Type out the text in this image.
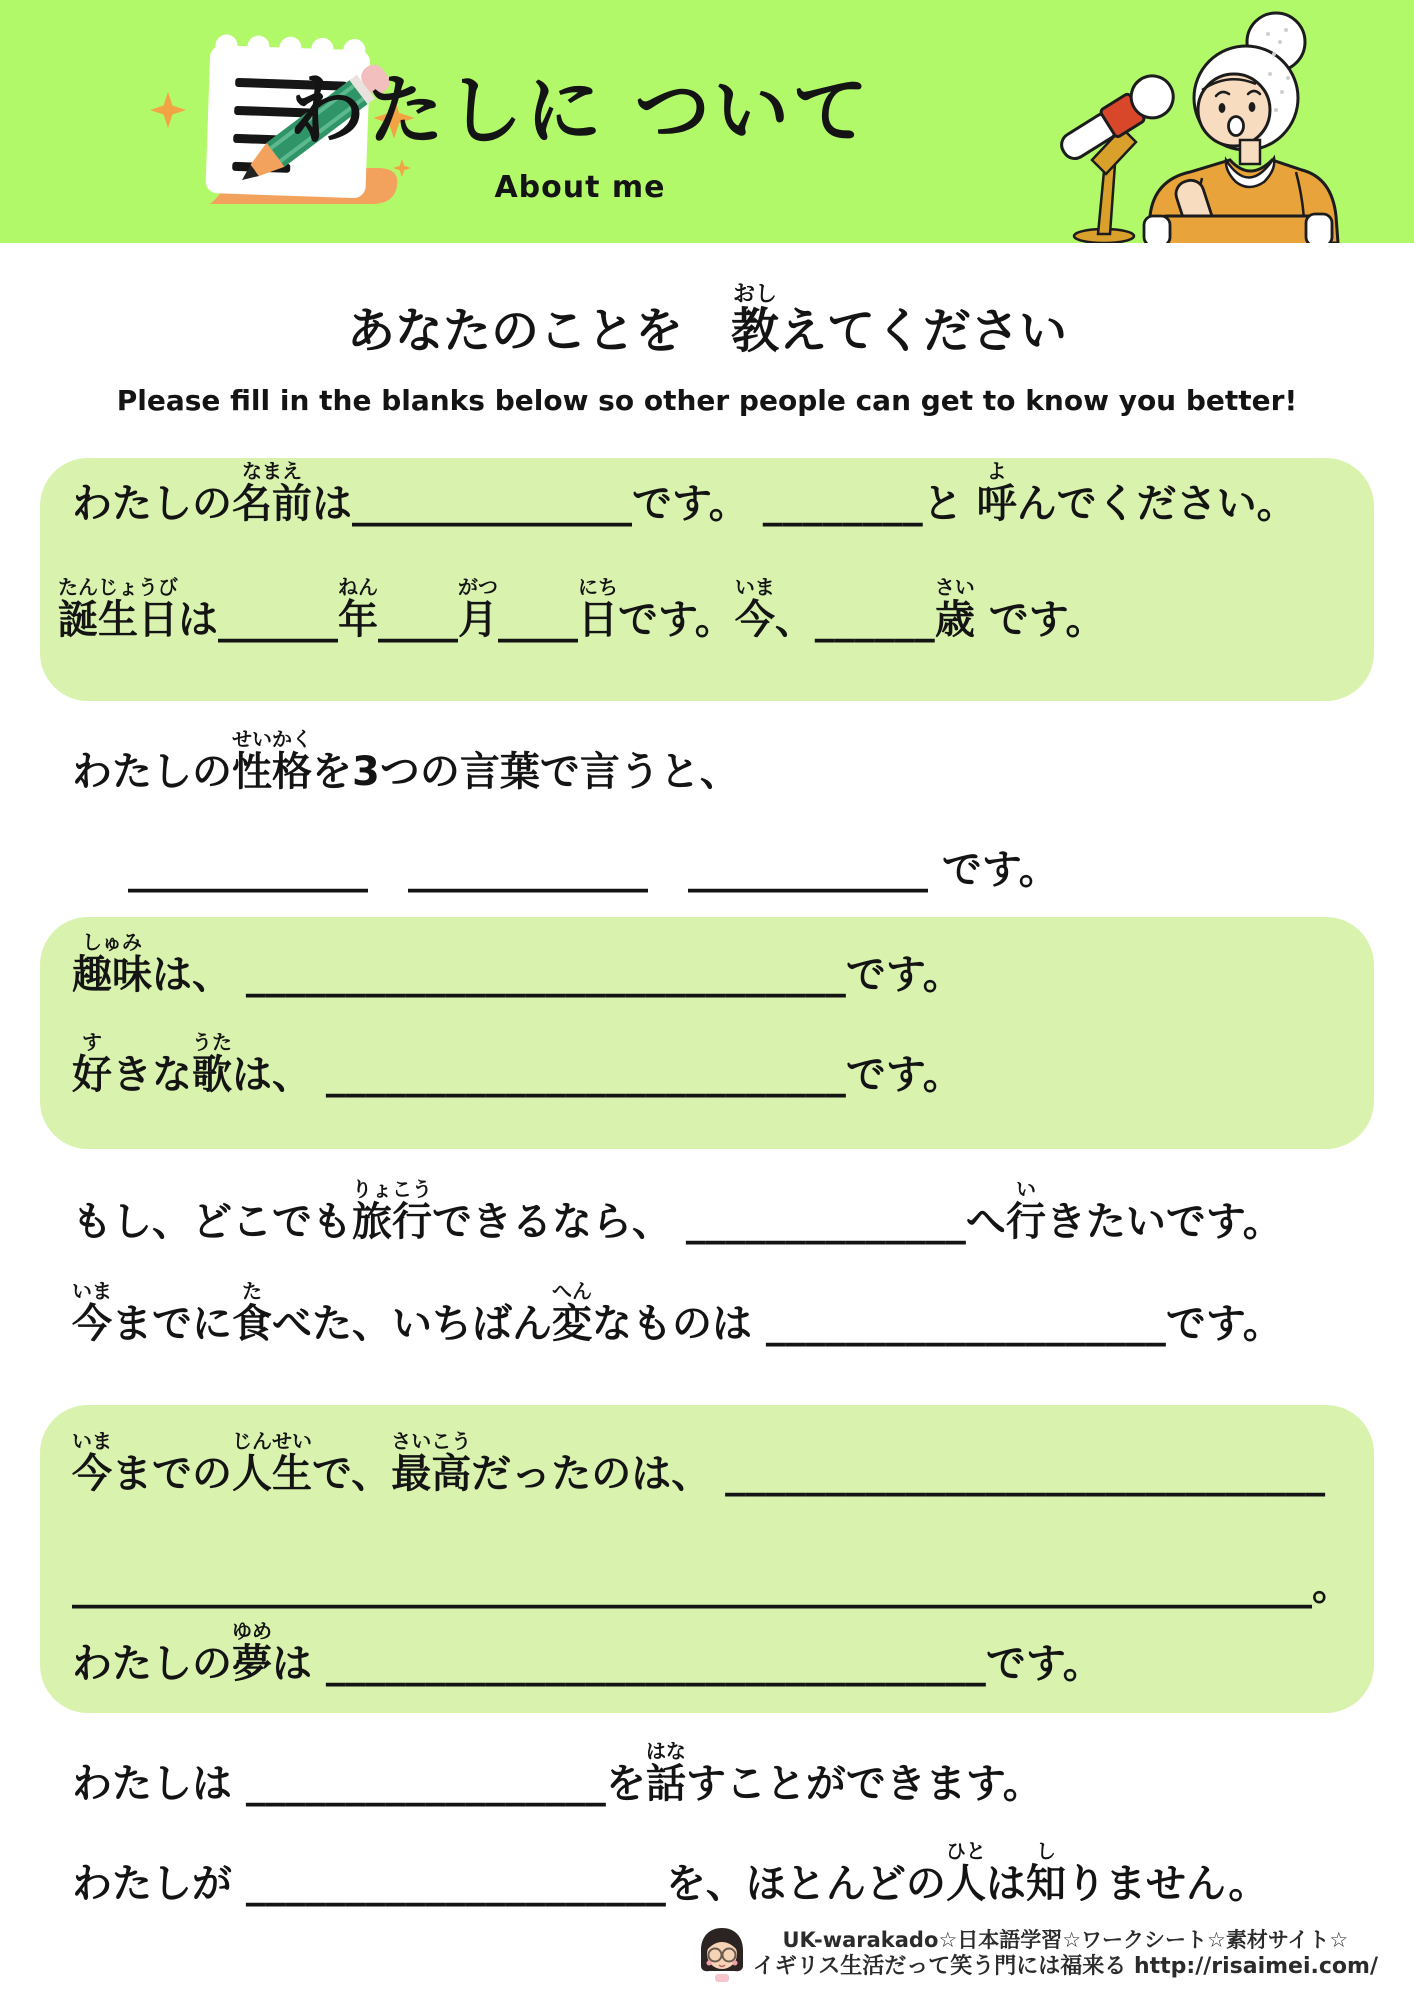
わたしに ついて
About me
あなたのことを　教おしえてください
Please fill in the blanks below so other people can get to know you better!
わたしの名前なまえは______________です。 ________と 呼よんでください。
誕生日たんじょうびは______年ねん____月がつ____日にちです。今いま、______歳さい です。
わたしの性格せいかくを3つの言葉で言うと、
____________　____________　____________ です。
趣味しゅみは、 ______________________________です。
好すきな歌うたは、 __________________________です。
もし、どこでも旅行りょこうできるなら、 ______________へ行いきたいです。
今いままでに食たべた、いちばん変へんなものは ____________________です。
今いままでの人生じんせいで、最高さいこうだったのは、 ______________________________
______________________________________________________________。
わたしの夢ゆめは _________________________________です。
わたしは __________________を話はなすことができます。
わたしが _____________________を、ほとんどの人ひとは知しりません。
UK-warakado☆日本語学習☆ワークシート☆素材サイト☆
イギリス生活だって笑う門には福来る http://risaimei.com/
